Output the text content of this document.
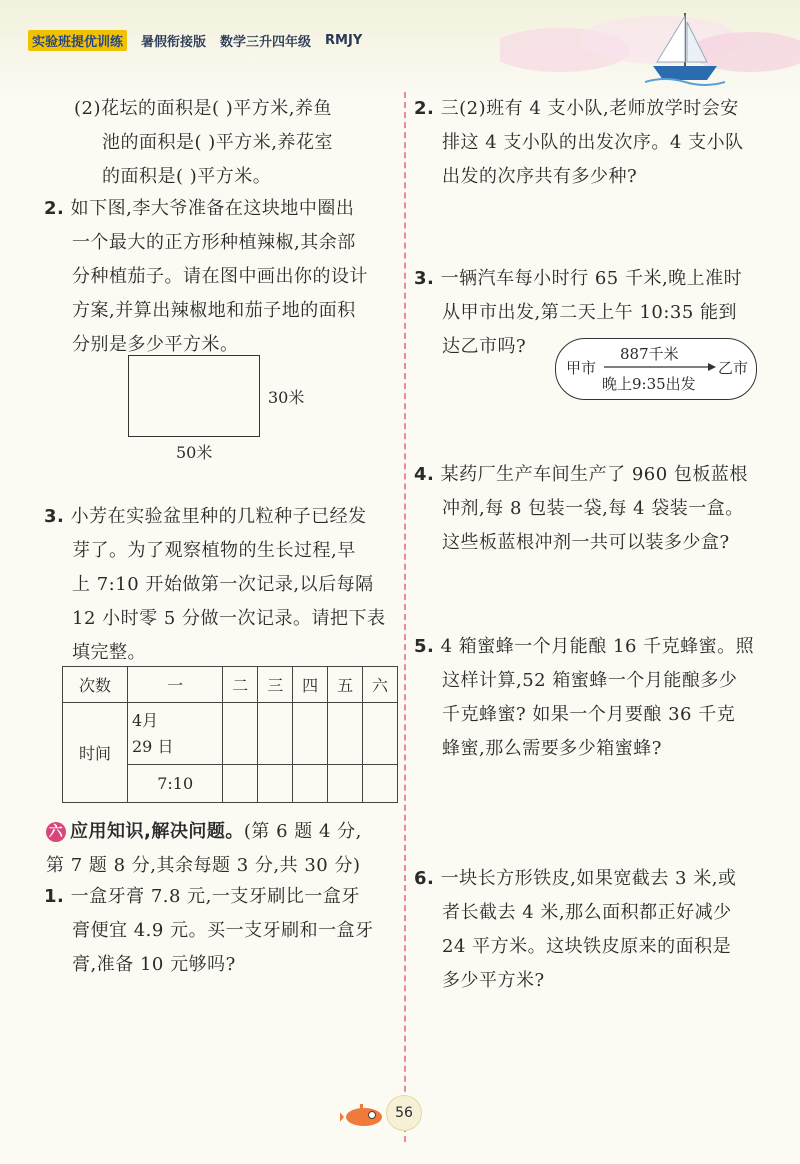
实验班提优训练	暑假衔接版 数学三升四年级 RMJY
(2)花坛的面积是( )平方米,养鱼
池的面积是( )平方米,养花室
的面积是( )平方米。
2. 如下图,李大爷准备在这块地中圈出
一个最大的正方形种植辣椒,其余部
分种植茄子。请在图中画出你的设计
方案,并算出辣椒地和茄子地的面积
分别是多少平方米。
30米
50米
3. 小芳在实验盆里种的几粒种子已经发
芽了。为了观察植物的生长过程,早
上 7:10 开始做第一次记录,以后每隔
12 小时零 5 分做一次记录。请把下表
填完整。
次数	一	二	三	四	五	六
时间	4月
29 日					

	7:10					
六 应用知识,解决问题。(第 6 题 4 分,
第 7 题 8 分,其余每题 3 分,共 30 分)
1. 一盒牙膏 7.8 元,一支牙刷比一盒牙
膏便宜 4.9 元。买一支牙刷和一盒牙
膏,准备 10 元够吗?
2. 三(2)班有 4 支小队,老师放学时会安
排这 4 支小队的出发次序。4 支小队
出发的次序共有多少种?
3. 一辆汽车每小时行 65 千米,晚上准时
从甲市出发,第二天上午 10:35 能到
达乙市吗?
甲市
887千米
乙市
晚上9:35出发
4. 某药厂生产车间生产了 960 包板蓝根
冲剂,每 8 包装一袋,每 4 袋装一盒。
这些板蓝根冲剂一共可以装多少盒?
5. 4 箱蜜蜂一个月能酿 16 千克蜂蜜。照
这样计算,52 箱蜜蜂一个月能酿多少
千克蜂蜜? 如果一个月要酿 36 千克
蜂蜜,那么需要多少箱蜜蜂?
6. 一块长方形铁皮,如果宽截去 3 米,或
者长截去 4 米,那么面积都正好减少
24 平方米。这块铁皮原来的面积是
多少平方米?
56
